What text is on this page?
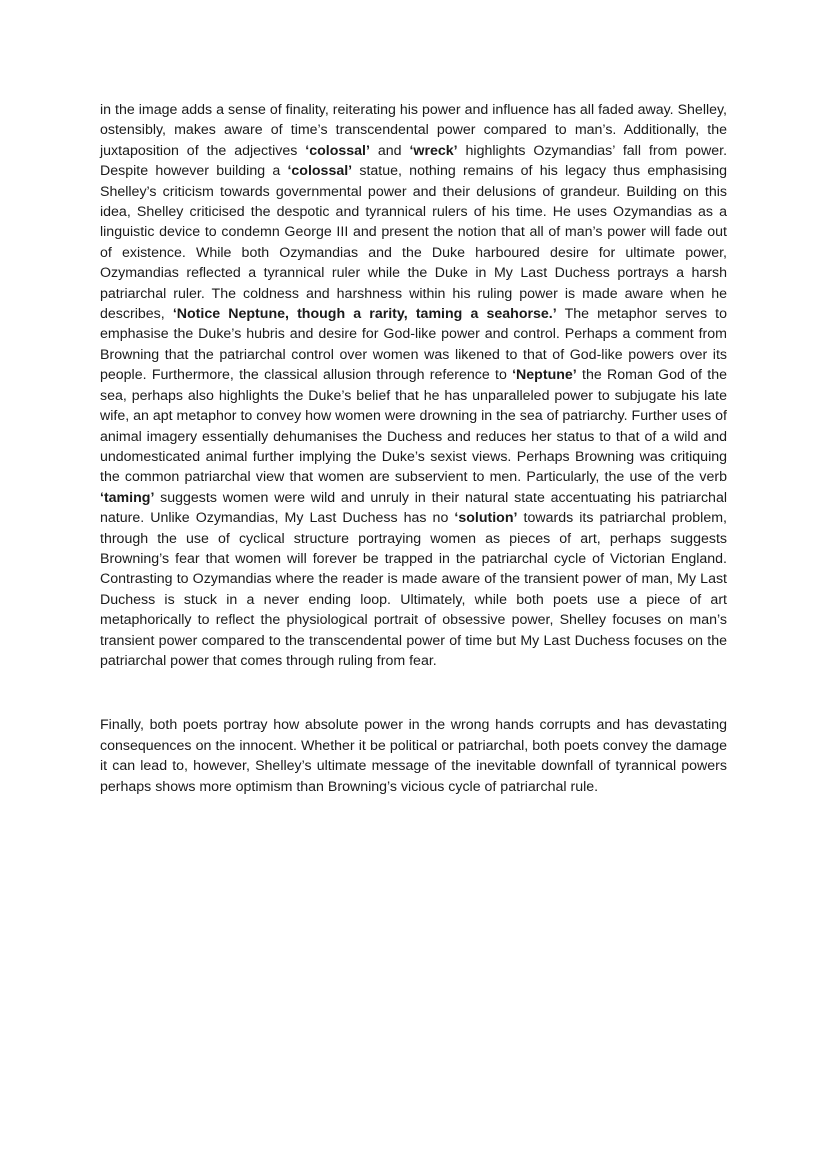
in the image adds a sense of finality, reiterating his power and influence has all faded away. Shelley, ostensibly, makes aware of time’s transcendental power compared to man’s. Additionally, the juxtaposition of the adjectives ‘colossal’ and ‘wreck’ highlights Ozymandias’ fall from power. Despite however building a ‘colossal’ statue, nothing remains of his legacy thus emphasising Shelley’s criticism towards governmental power and their delusions of grandeur. Building on this idea, Shelley criticised the despotic and tyrannical rulers of his time. He uses Ozymandias as a linguistic device to condemn George III and present the notion that all of man’s power will fade out of existence. While both Ozymandias and the Duke harboured desire for ultimate power, Ozymandias reflected a tyrannical ruler while the Duke in My Last Duchess portrays a harsh patriarchal ruler. The coldness and harshness within his ruling power is made aware when he describes, ‘Notice Neptune, though a rarity, taming a seahorse.’ The metaphor serves to emphasise the Duke’s hubris and desire for God-like power and control. Perhaps a comment from Browning that the patriarchal control over women was likened to that of God-like powers over its people. Furthermore, the classical allusion through reference to ‘Neptune’ the Roman God of the sea, perhaps also highlights the Duke’s belief that he has unparalleled power to subjugate his late wife, an apt metaphor to convey how women were drowning in the sea of patriarchy. Further uses of animal imagery essentially dehumanises the Duchess and reduces her status to that of a wild and undomesticated animal further implying the Duke’s sexist views. Perhaps Browning was critiquing the common patriarchal view that women are subservient to men. Particularly, the use of the verb ‘taming’ suggests women were wild and unruly in their natural state accentuating his patriarchal nature. Unlike Ozymandias, My Last Duchess has no ‘solution’ towards its patriarchal problem, through the use of cyclical structure portraying women as pieces of art, perhaps suggests Browning’s fear that women will forever be trapped in the patriarchal cycle of Victorian England. Contrasting to Ozymandias where the reader is made aware of the transient power of man, My Last Duchess is stuck in a never ending loop. Ultimately, while both poets use a piece of art metaphorically to reflect the physiological portrait of obsessive power, Shelley focuses on man’s transient power compared to the transcendental power of time but My Last Duchess focuses on the patriarchal power that comes through ruling from fear.

Finally, both poets portray how absolute power in the wrong hands corrupts and has devastating consequences on the innocent. Whether it be political or patriarchal, both poets convey the damage it can lead to, however, Shelley’s ultimate message of the inevitable downfall of tyrannical powers perhaps shows more optimism than Browning’s vicious cycle of patriarchal rule.
